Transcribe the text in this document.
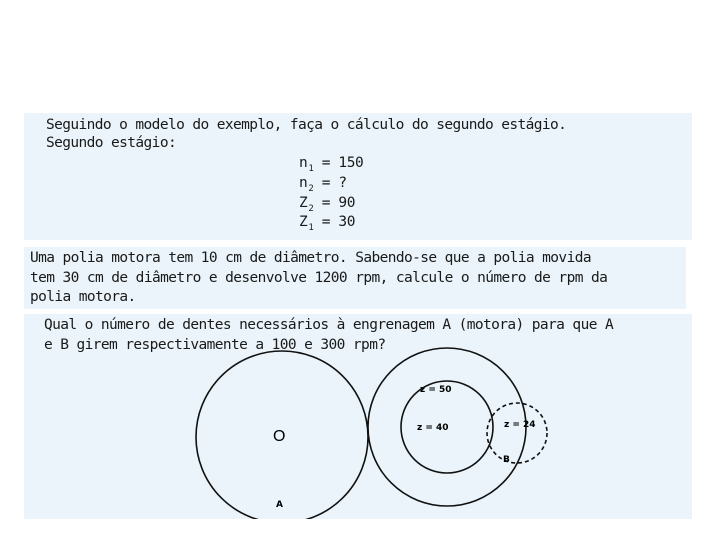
Seguindo o modelo do exemplo, faça o cálculo do segundo estágio.
Segundo estágio:
$n_1 = 150$
$n_2$ = ?
$Z_2 = 90$
$Z_1 = 30$
Uma polia motora tem 10 cm de diâmetro. Sabendo-se que a polia movida
tem 30 cm de diâmetro e desenvolve 1200 rpm, calcule o número de rpm da
polia motora.
Qual o número de dentes necessários à engrenagem A (motora) para que A
e B girem respectivamente a 100 e 300 rpm?
O
A
z = 50
z = 40	z = 24
B
